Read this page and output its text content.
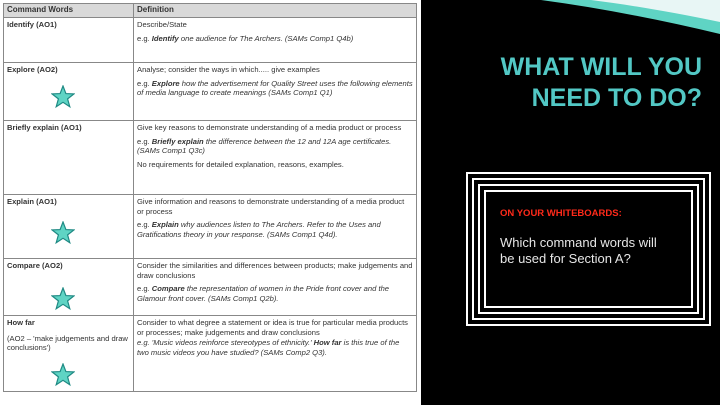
Command Words	Definition

Identify (AO1)	Describe/State
e.g. Identify one audience for The Archers. (SAMs Comp1 Q4b)

Explore (AO2)	Analyse; consider the ways in which..... give examples
e.g. Explore how the advertisement for Quality Street uses the following elements of media language to create meanings (SAMs Comp1 Q1)

Briefly explain (AO1)	Give key reasons to demonstrate understanding of a media product or process
e.g. Briefly explain the difference between the 12 and 12A age certificates. (SAMs Comp1 Q3c)
No requirements for detailed explanation, reasons, examples.

Explain (AO1)	Give information and reasons to demonstrate understanding of a media product or process
e.g. Explain why audiences listen to The Archers. Refer to the Uses and Gratifications theory in your response. (SAMs Comp1 Q4d).

Compare (AO2)	Consider the similarities and differences between products; make judgements and draw conclusions
e.g. Compare the representation of women in the Pride front cover and the Glamour front cover. (SAMs Comp1 Q2b).

How far
(AO2 – 'make judgements and draw conclusions')	Consider to what degree a statement or idea is true for particular media products or processes; make judgements and draw conclusions
e.g. 'Music videos reinforce stereotypes of ethnicity.' How far is this true of the two music videos you have studied? (SAMs Comp2 Q3).
WHAT WILL YOU
NEED TO DO?
ON YOUR WHITEBOARDS:
Which command words will be used for Section A?
